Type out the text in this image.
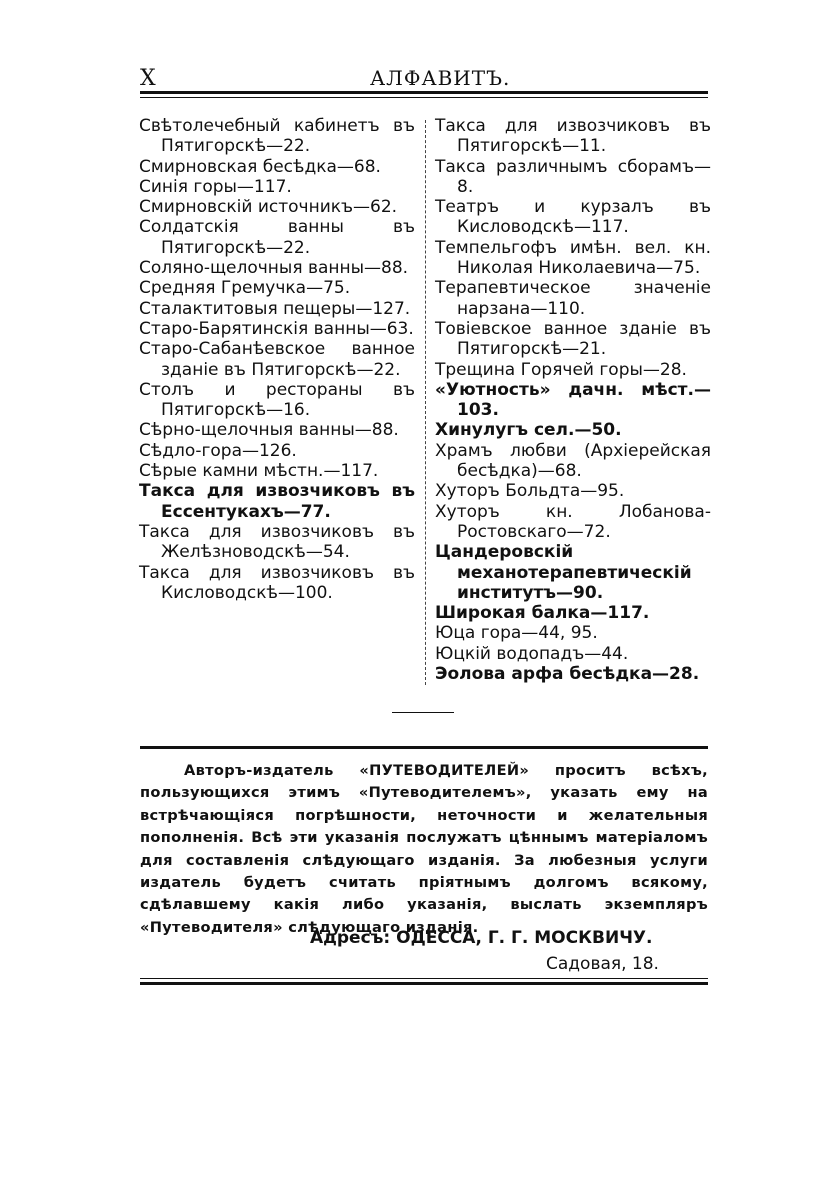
X	АЛФАВИТЪ.
Свѣтолечебный кабинетъ въ Пятигорскѣ—22.
Смирновская бесѣдка—68.
Синія горы—117.
Смирновскій источникъ—62.
Солдатскія ванны въ Пятигорскѣ—22.
Соляно-щелочныя ванны—88.
Средняя Гремучка—75.
Сталактитовыя пещеры—127.
Старо-Барятинскія ванны—63.
Старо-Сабанѣевское ванное зданіе въ Пятигорскѣ—22.
Столъ и рестораны въ Пятигорскѣ—16.
Сѣрно-щелочныя ванны—88.
Сѣдло-гора—126.
Сѣрые камни мѣстн.—117.
Такса для извозчиковъ въ Ессентукахъ—77.
Такса для извозчиковъ въ Желѣзноводскѣ—54.
Такса для извозчиковъ въ Кисловодскѣ—100.
Такса для извозчиковъ въ Пятигорскѣ—11.
Такса различнымъ сборамъ—8.
Театръ и курзалъ въ Кисловодскѣ—117.
Темпельгофъ имѣн. вел. кн. Николая Николаевича—75.
Терапевтическое значеніе нарзана—110.
Товіевское ванное зданіе въ Пятигорскѣ—21.
Трещина Горячей горы—28.
«Уютность» дачн. мѣст.—103.
Хинулугъ сел.—50.
Храмъ любви (Архіерейская бесѣдка)—68.
Хуторъ Больдта—95.
Хуторъ кн. Лобанова-Ростовскаго—72.
Цандеровскій механотерапевтическій институтъ—90.
Широкая балка—117.
Юца гора—44, 95.
Юцкій водопадъ—44.
Эолова арфа бесѣдка—28.
Авторъ-издатель «ПУТЕВОДИТЕЛЕЙ» проситъ всѣхъ, пользующихся этимъ «Путеводителемъ», указать ему на встрѣчающіяся погрѣшности, неточности и желательныя пополненія. Всѣ эти указанія послужатъ цѣннымъ матеріаломъ для составленія слѣдующаго изданія. За любезныя услуги издатель будетъ считать пріятнымъ долгомъ всякому, сдѣлавшему какія либо указанія, выслать экземпляръ «Путеводителя» слѣдующаго изданія.
Адресъ: ОДЕССА, Г. Г. МОСКВИЧУ.
Садовая, 18.
